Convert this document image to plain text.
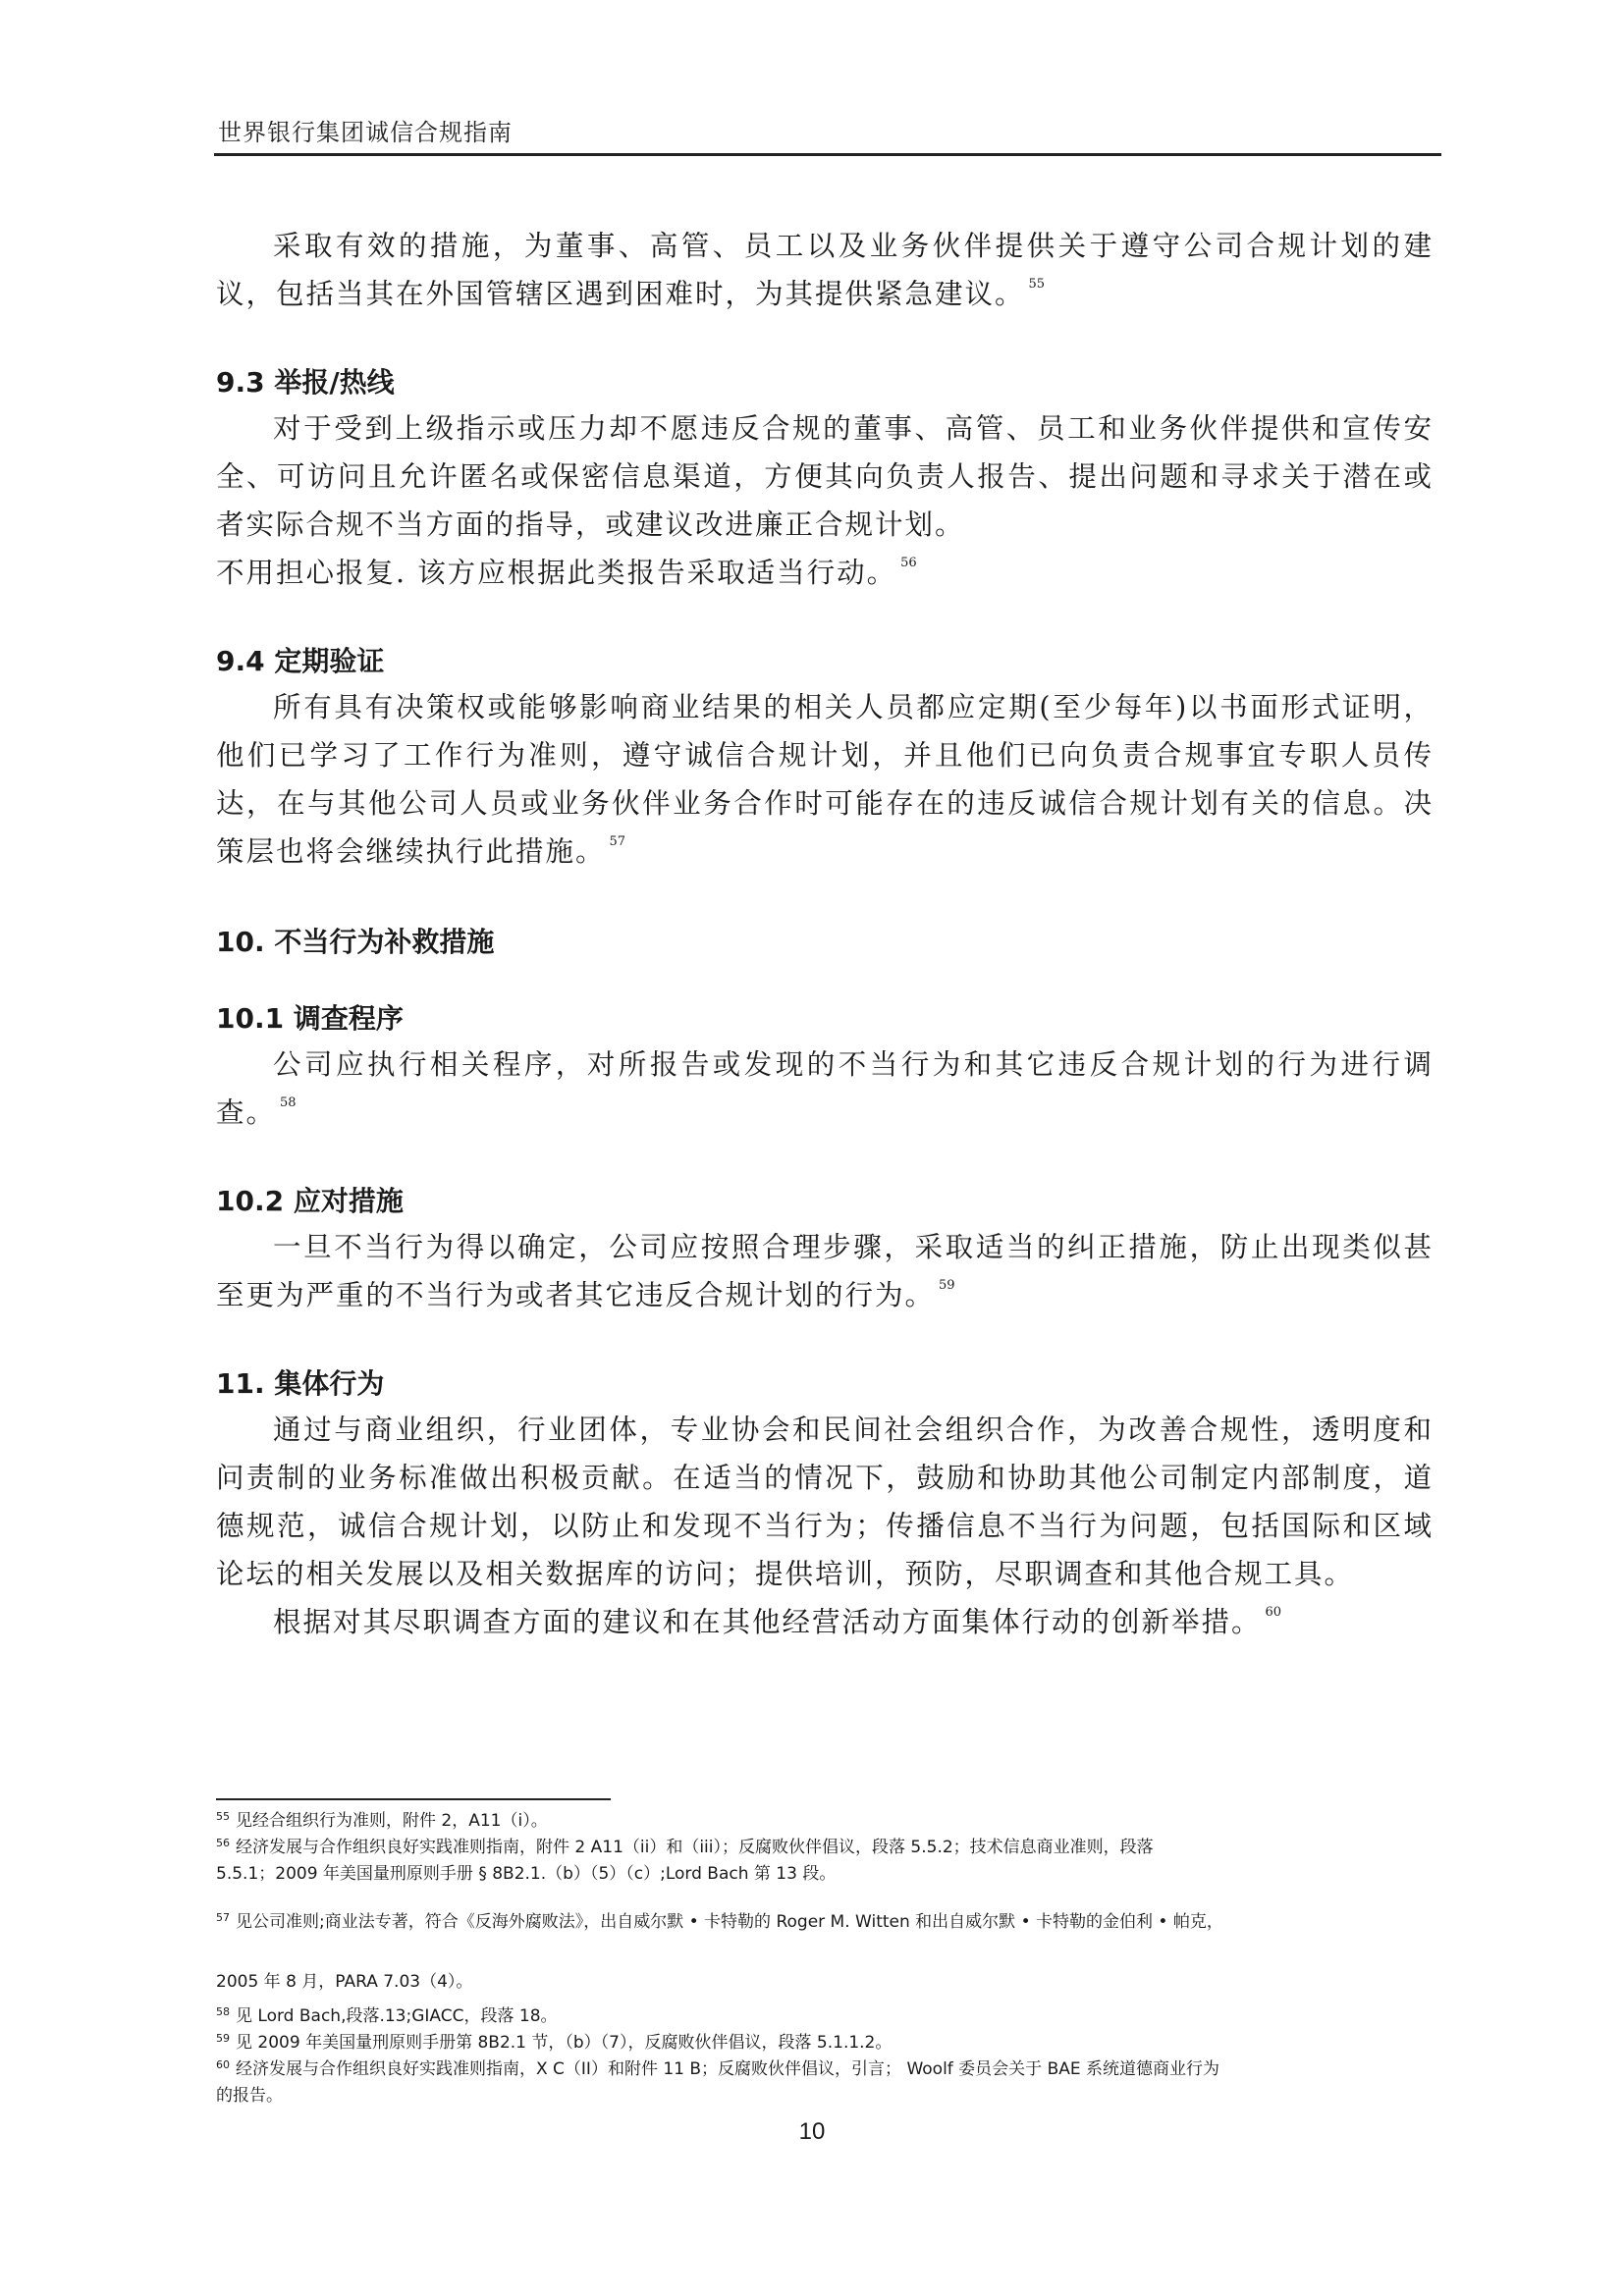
世界银行集团诚信合规指南

采取有效的措施，为董事、高管、员工以及业务伙伴提供关于遵守公司合规计划的建议，包括当其在外国管辖区遇到困难时，为其提供紧急建议。 $^{55}$

9.3 举报/热线

对于受到上级指示或压力却不愿违反合规的董事、高管、员工和业务伙伴提供和宣传安全、可访问且允许匿名或保密信息渠道，方便其向负责人报告、提出问题和寻求关于潜在或者实际合规不当方面的指导，或建议改进廉正合规计划。

不用担心报复. 该方应根据此类报告采取适当行动。 $^{56}$

9.4 定期验证

所有具有决策权或能够影响商业结果的相关人员都应定期(至少每年)以书面形式证明，他们已学习了工作行为准则，遵守诚信合规计划，并且他们已向负责合规事宜专职人员传达，在与其他公司人员或业务伙伴业务合作时可能存在的违反诚信合规计划有关的信息。决策层也将会继续执行此措施。 $^{57}$

10. 不当行为补救措施
10.1 调查程序

公司应执行相关程序，对所报告或发现的不当行为和其它违反合规计划的行为进行调查。 $^{58}$

10.2 应对措施

一旦不当行为得以确定，公司应按照合理步骤，采取适当的纠正措施，防止出现类似甚至更为严重的不当行为或者其它违反合规计划的行为。 $^{59}$

11. 集体行为

通过与商业组织，行业团体，专业协会和民间社会组织合作，为改善合规性，透明度和问责制的业务标准做出积极贡献。在适当的情况下，鼓励和协助其他公司制定内部制度，道德规范，诚信合规计划，以防止和发现不当行为；传播信息不当行为问题，包括国际和区域论坛的相关发展以及相关数据库的访问；提供培训，预防，尽职调查和其他合规工具。

根据对其尽职调查方面的建议和在其他经营活动方面集体行动的创新举措。 $^{60}$

$^{55}$ 见经合组织行为准则，附件 2，A11（i）。

$^{56}$ 经济发展与合作组织良好实践准则指南，附件 2 A11（ii）和（iii）；反腐败伙伴倡议，段落 5.5.2；技术信息商业准则，段落

5.5.1；2009 年美国量刑原则手册 § 8B2.1.（b）（5）（c）;Lord Bach 第 13 段。

$^{57}$ 见公司准则;商业法专著，符合《反海外腐败法》，出自威尔默 • 卡特勒的 Roger M. Witten 和出自威尔默 • 卡特勒的金伯利 • 帕克，

2005 年 8 月，PARA 7.03（4）。

$^{58}$ 见 Lord Bach,段落.13;GIACC，段落 18。

$^{59}$ 见 2009 年美国量刑原则手册第 8B2.1 节，（b）（7），反腐败伙伴倡议，段落 5.1.1.2。

$^{60}$ 经济发展与合作组织良好实践准则指南，X C（II）和附件 11 B；反腐败伙伴倡议，引言； Woolf 委员会关于 BAE 系统道德商业行为

的报告。

10
